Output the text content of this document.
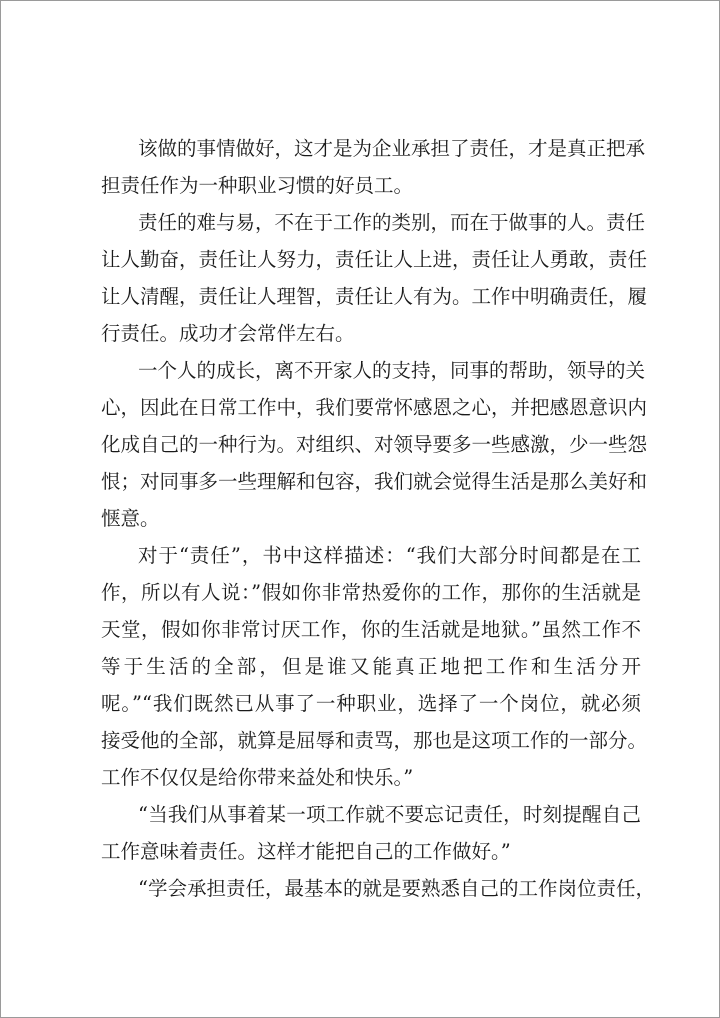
该做的事情做好，这才是为企业承担了责任，才是真正把承

担责任作为一种职业习惯的好员工。

责任的难与易，不在于工作的类别，而在于做事的人。责任

让人勤奋，责任让人努力，责任让人上进，责任让人勇敢，责任

让人清醒，责任让人理智，责任让人有为。工作中明确责任，履

行责任。成功才会常伴左右。

一个人的成长，离不开家人的支持，同事的帮助，领导的关

心，因此在日常工作中，我们要常怀感恩之心，并把感恩意识内

化成自己的一种行为。对组织、对领导要多一些感激，少一些怨

恨；对同事多一些理解和包容，我们就会觉得生活是那么美好和

惬意。

对于“责任”，书中这样描述：“我们大部分时间都是在工

作，所以有人说：”假如你非常热爱你的工作，那你的生活就是

天堂，假如你非常讨厌工作，你的生活就是地狱。”虽然工作不

等于生活的全部，但是谁又能真正地把工作和生活分开

呢。”“我们既然已从事了一种职业，选择了一个岗位，就必须

接受他的全部，就算是屈辱和责骂，那也是这项工作的一部分。

工作不仅仅是给你带来益处和快乐。”

“当我们从事着某一项工作就不要忘记责任，时刻提醒自己

工作意味着责任。这样才能把自己的工作做好。”

“学会承担责任，最基本的就是要熟悉自己的工作岗位责任，
